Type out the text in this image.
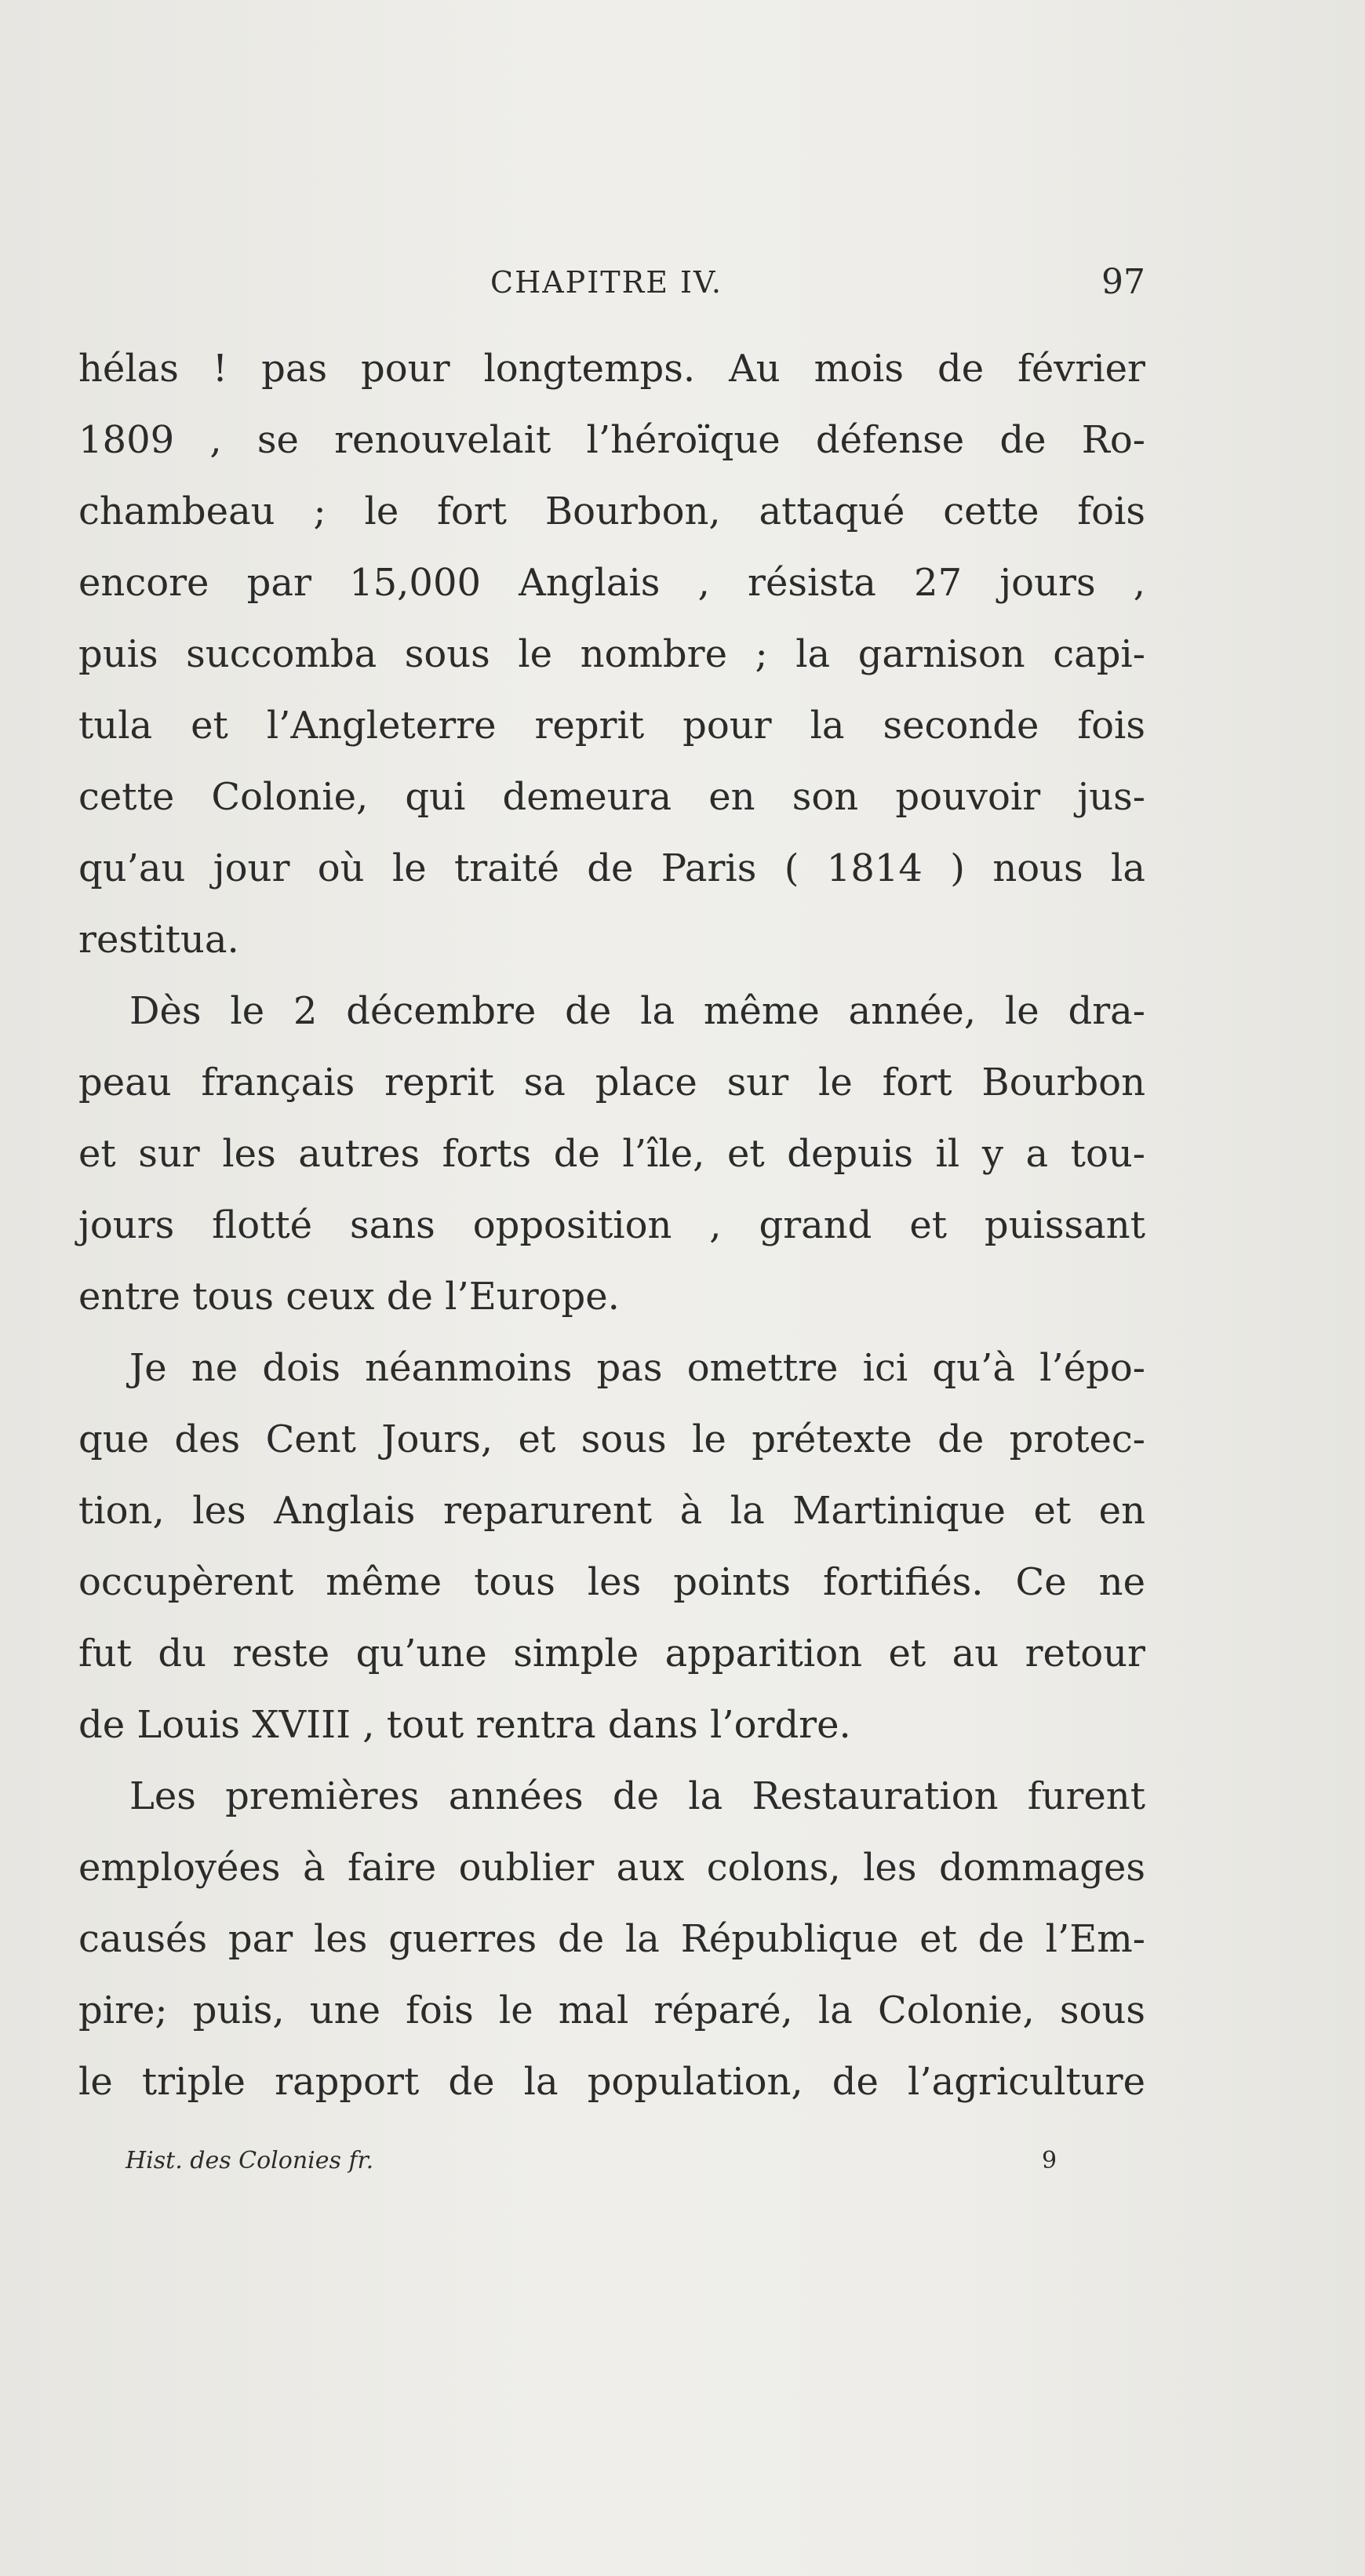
CHAPITRE IV.	97

hélas ! pas pour longtemps. Au mois de février
1809 , se renouvelait l’héroïque défense de Ro-
chambeau ; le fort Bourbon, attaqué cette fois
encore par 15,000 Anglais , résista 27 jours ,
puis succomba sous le nombre ; la garnison capi-
tula et l’Angleterre reprit pour la seconde fois
cette Colonie, qui demeura en son pouvoir jus-
qu’au jour où le traité de Paris ( 1814 ) nous la
restitua.

Dès le 2 décembre de la même année, le dra-
peau français reprit sa place sur le fort Bourbon
et sur les autres forts de l’île, et depuis il y a tou-
jours flotté sans opposition , grand et puissant
entre tous ceux de l’Europe.

Je ne dois néanmoins pas omettre ici qu’à l’épo-
que des Cent Jours, et sous le prétexte de protec-
tion, les Anglais reparurent à la Martinique et en
occupèrent même tous les points fortifiés. Ce ne
fut du reste qu’une simple apparition et au retour
de Louis XVIII , tout rentra dans l’ordre.

Les premières années de la Restauration furent
employées à faire oublier aux colons, les dommages
causés par les guerres de la République et de l’Em-
pire; puis, une fois le mal réparé, la Colonie, sous
le triple rapport de la population, de l’agriculture

Hist. des Colonies fr.	9
